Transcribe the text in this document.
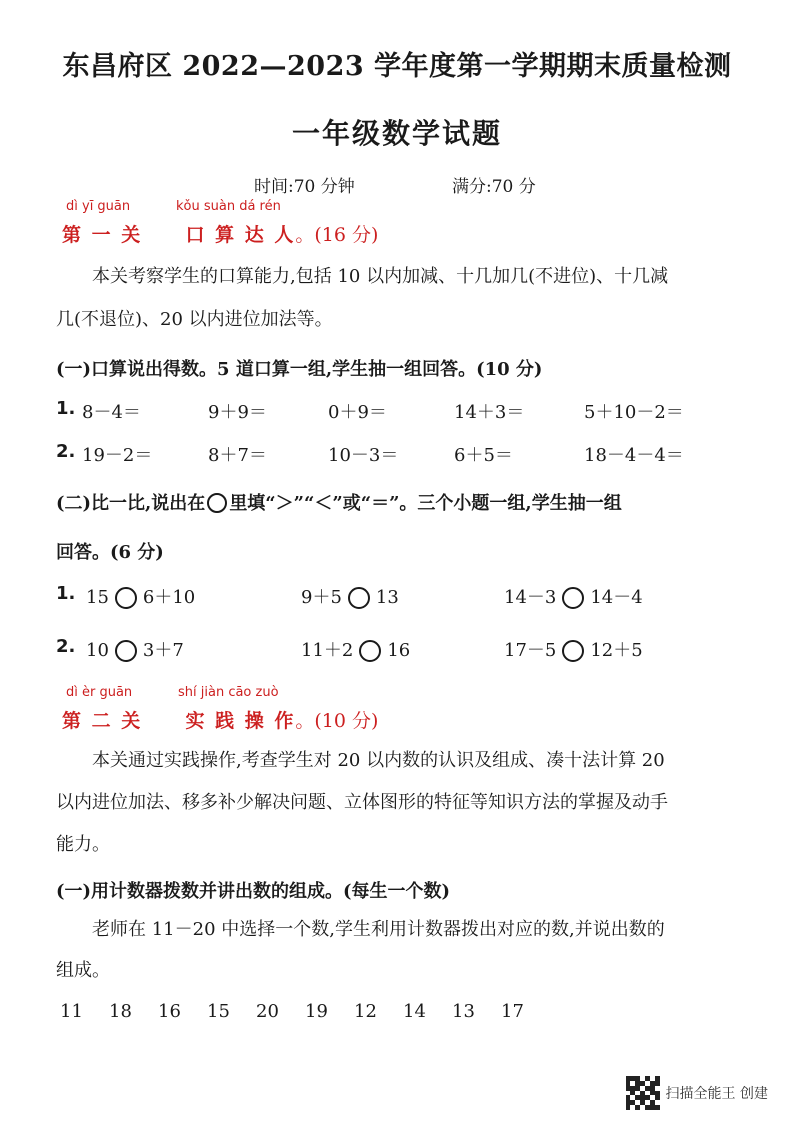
东昌府区 2022—2023 学年度第一学期期末质量检测
一年级数学试题
时间:70 分钟	满分:70 分
dì yī guān	kǒu suàn dá rén
第 一 关 口 算 达 人。(16 分)
本关考察学生的口算能力,包括 10 以内加减、十几加几(不进位)、十几减
几(不退位)、20 以内进位加法等。
(一)口算说出得数。5 道口算一组,学生抽一组回答。(10 分)
1. 8－4＝	9＋9＝	0＋9＝	14＋3＝	5＋10－2＝
2. 19－2＝	8＋7＝	10－3＝	6＋5＝	18－4－4＝
(二)比一比,说出在 里填“＞”“＜”或“＝”。三个小题一组,学生抽一组
回答。(6 分)
1. 15 6＋10	9＋5 13	14－3 14－4
2. 10 3＋7	11＋2 16	17－5 12＋5
dì èr guān	shí jiàn cāo zuò
第 二 关 实 践 操 作。(10 分)
本关通过实践操作,考查学生对 20 以内数的认识及组成、凑十法计算 20
以内进位加法、移多补少解决问题、立体图形的特征等知识方法的掌握及动手
能力。
(一)用计数器拨数并讲出数的组成。(每生一个数)
老师在 11－20 中选择一个数,学生利用计数器拨出对应的数,并说出数的
组成。
11 18 16 15 20 19 12 14 13 17
扫描全能王 创建
